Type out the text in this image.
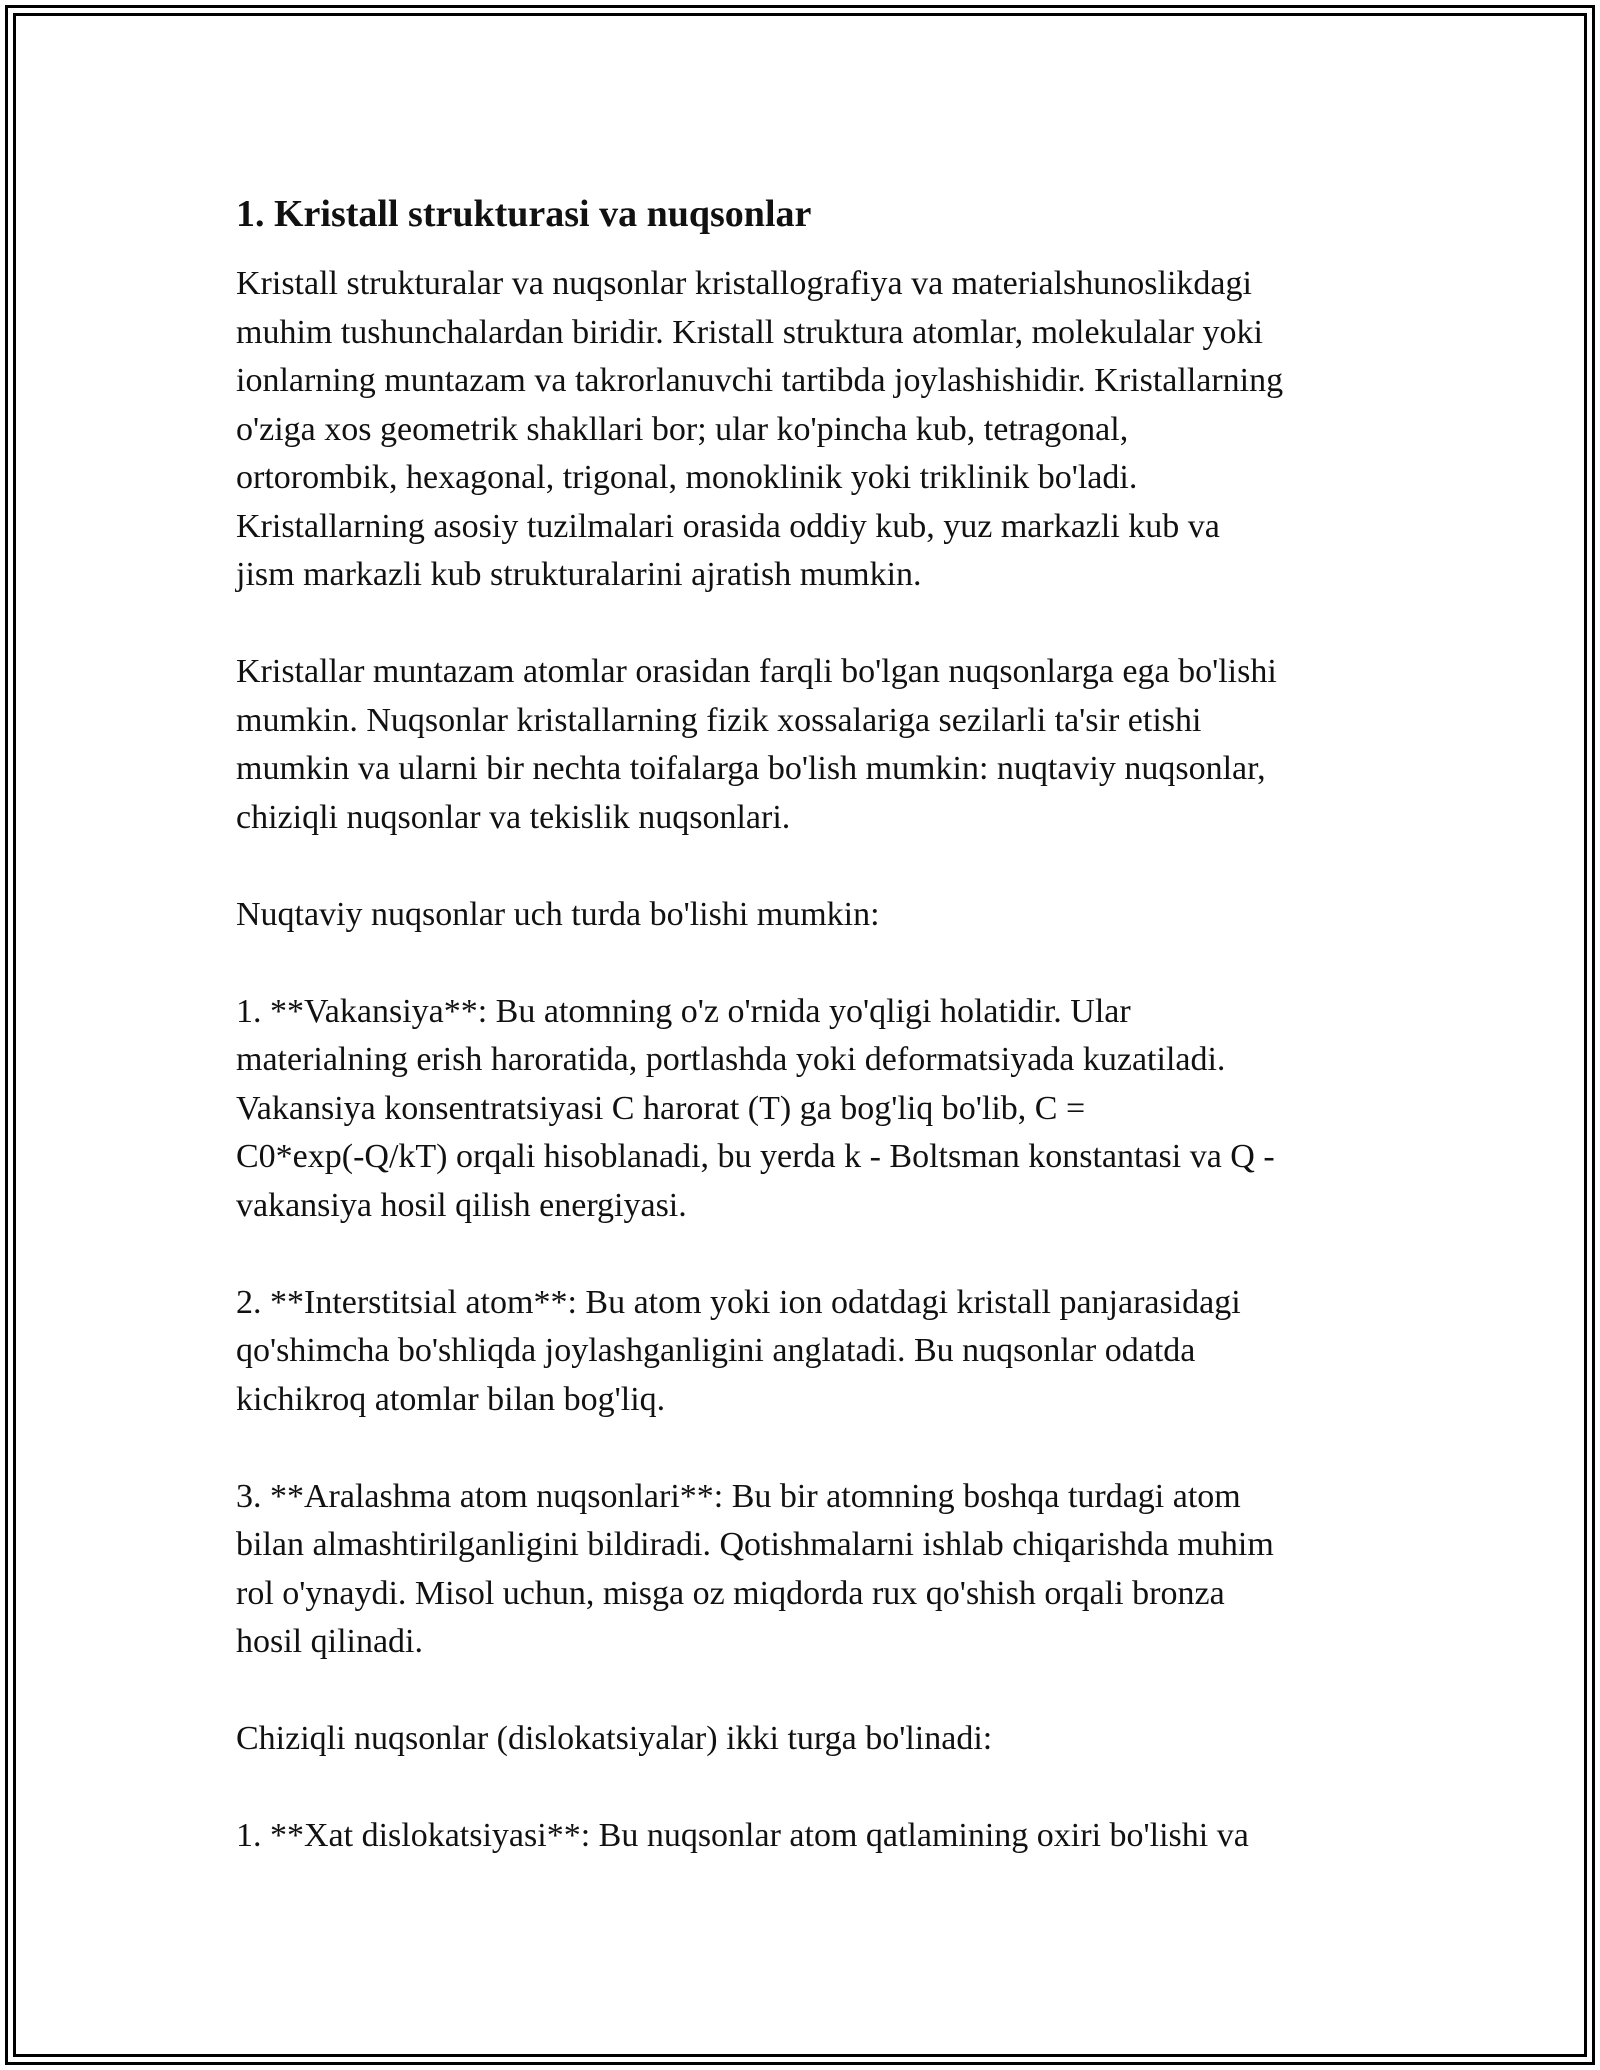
1. Kristall strukturasi va nuqsonlar
Kristall strukturalar va nuqsonlar kristallografiya va materialshunoslikdagi
muhim tushunchalardan biridir. Kristall struktura atomlar, molekulalar yoki
ionlarning muntazam va takrorlanuvchi tartibda joylashishidir. Kristallarning
o'ziga xos geometrik shakllari bor; ular ko'pincha kub, tetragonal,
ortorombik, hexagonal, trigonal, monoklinik yoki triklinik bo'ladi.
Kristallarning asosiy tuzilmalari orasida oddiy kub, yuz markazli kub va
jism markazli kub strukturalarini ajratish mumkin.
Kristallar muntazam atomlar orasidan farqli bo'lgan nuqsonlarga ega bo'lishi
mumkin. Nuqsonlar kristallarning fizik xossalariga sezilarli ta'sir etishi
mumkin va ularni bir nechta toifalarga bo'lish mumkin: nuqtaviy nuqsonlar,
chiziqli nuqsonlar va tekislik nuqsonlari.
Nuqtaviy nuqsonlar uch turda bo'lishi mumkin:
1. **Vakansiya**: Bu atomning o'z o'rnida yo'qligi holatidir. Ular
materialning erish haroratida, portlashda yoki deformatsiyada kuzatiladi.
Vakansiya konsentratsiyasi C harorat (T) ga bog'liq bo'lib, C =
C0*exp(-Q/kT) orqali hisoblanadi, bu yerda k - Boltsman konstantasi va Q -
vakansiya hosil qilish energiyasi.
2. **Interstitsial atom**: Bu atom yoki ion odatdagi kristall panjarasidagi
qo'shimcha bo'shliqda joylashganligini anglatadi. Bu nuqsonlar odatda
kichikroq atomlar bilan bog'liq.
3. **Aralashma atom nuqsonlari**: Bu bir atomning boshqa turdagi atom
bilan almashtirilganligini bildiradi. Qotishmalarni ishlab chiqarishda muhim
rol o'ynaydi. Misol uchun, misga oz miqdorda rux qo'shish orqali bronza
hosil qilinadi.
Chiziqli nuqsonlar (dislokatsiyalar) ikki turga bo'linadi:
1. **Xat dislokatsiyasi**: Bu nuqsonlar atom qatlamining oxiri bo'lishi va
